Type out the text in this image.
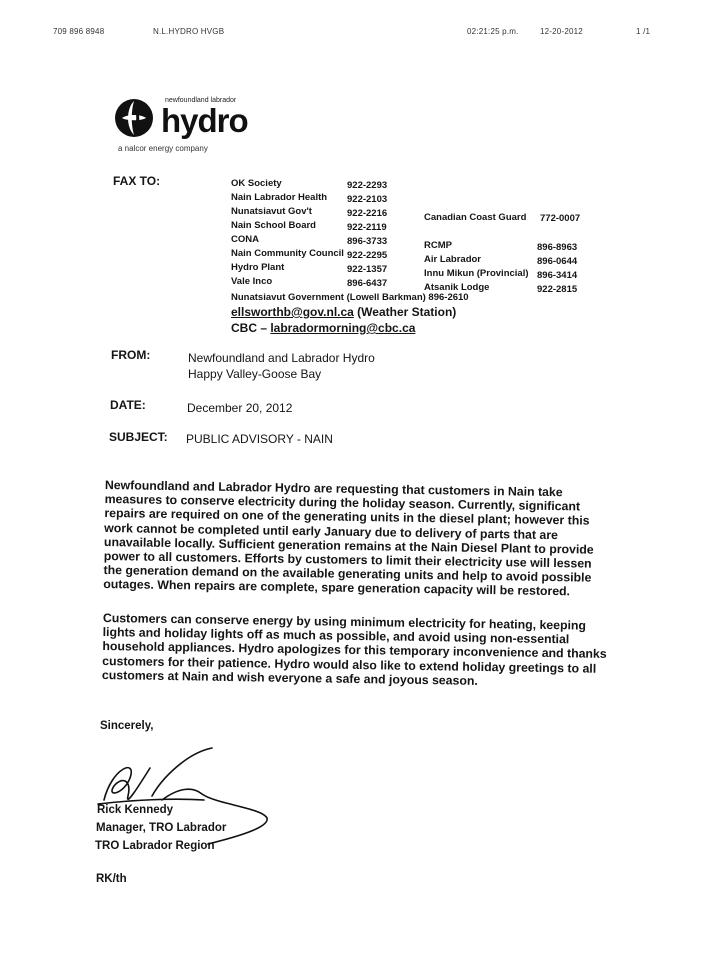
709 896 8948	N.L.HYDRO HVGB	02:21:25 p.m.	12-20-2012	1 /1
newfoundland labrador
hydro
a nalcor energy company
FAX TO:	OK Society	922-2293
Nain Labrador Health 922-2103
Nunatsiavut Gov't	922-2216
Nain School Board	922-2119
CONA	896-3733
Nain Community Council 922-2295
Hydro Plant	922-1357
Vale Inco	896-6437
Canadian Coast Guard 772-0007
RCMP	896-8963
Air Labrador	896-0644
Innu Mikun (Provincial) 896-3414
Atsanik Lodge	922-2815
Nunatsiavut Government (Lowell Barkman) 896-2610
ellsworthb@gov.nl.ca (Weather Station)
CBC – labradormorning@cbc.ca
FROM:	Newfoundland and Labrador Hydro
Happy Valley-Goose Bay
DATE:	December 20, 2012
SUBJECT: PUBLIC ADVISORY - NAIN
Newfoundland and Labrador Hydro are requesting that customers in Nain take measures to conserve electricity during the holiday season. Currently, significant repairs are required on one of the generating units in the diesel plant; however this work cannot be completed until early January due to delivery of parts that are unavailable locally. Sufficient generation remains at the Nain Diesel Plant to provide power to all customers. Efforts by customers to limit their electricity use will lessen the generation demand on the available generating units and help to avoid possible outages. When repairs are complete, spare generation capacity will be restored.
Customers can conserve energy by using minimum electricity for heating, keeping lights and holiday lights off as much as possible, and avoid using non-essential household appliances. Hydro apologizes for this temporary inconvenience and thanks customers for their patience. Hydro would also like to extend holiday greetings to all customers at Nain and wish everyone a safe and joyous season.
Sincerely,
Rick Kennedy
Manager, TRO Labrador
TRO Labrador Region
RK/th
